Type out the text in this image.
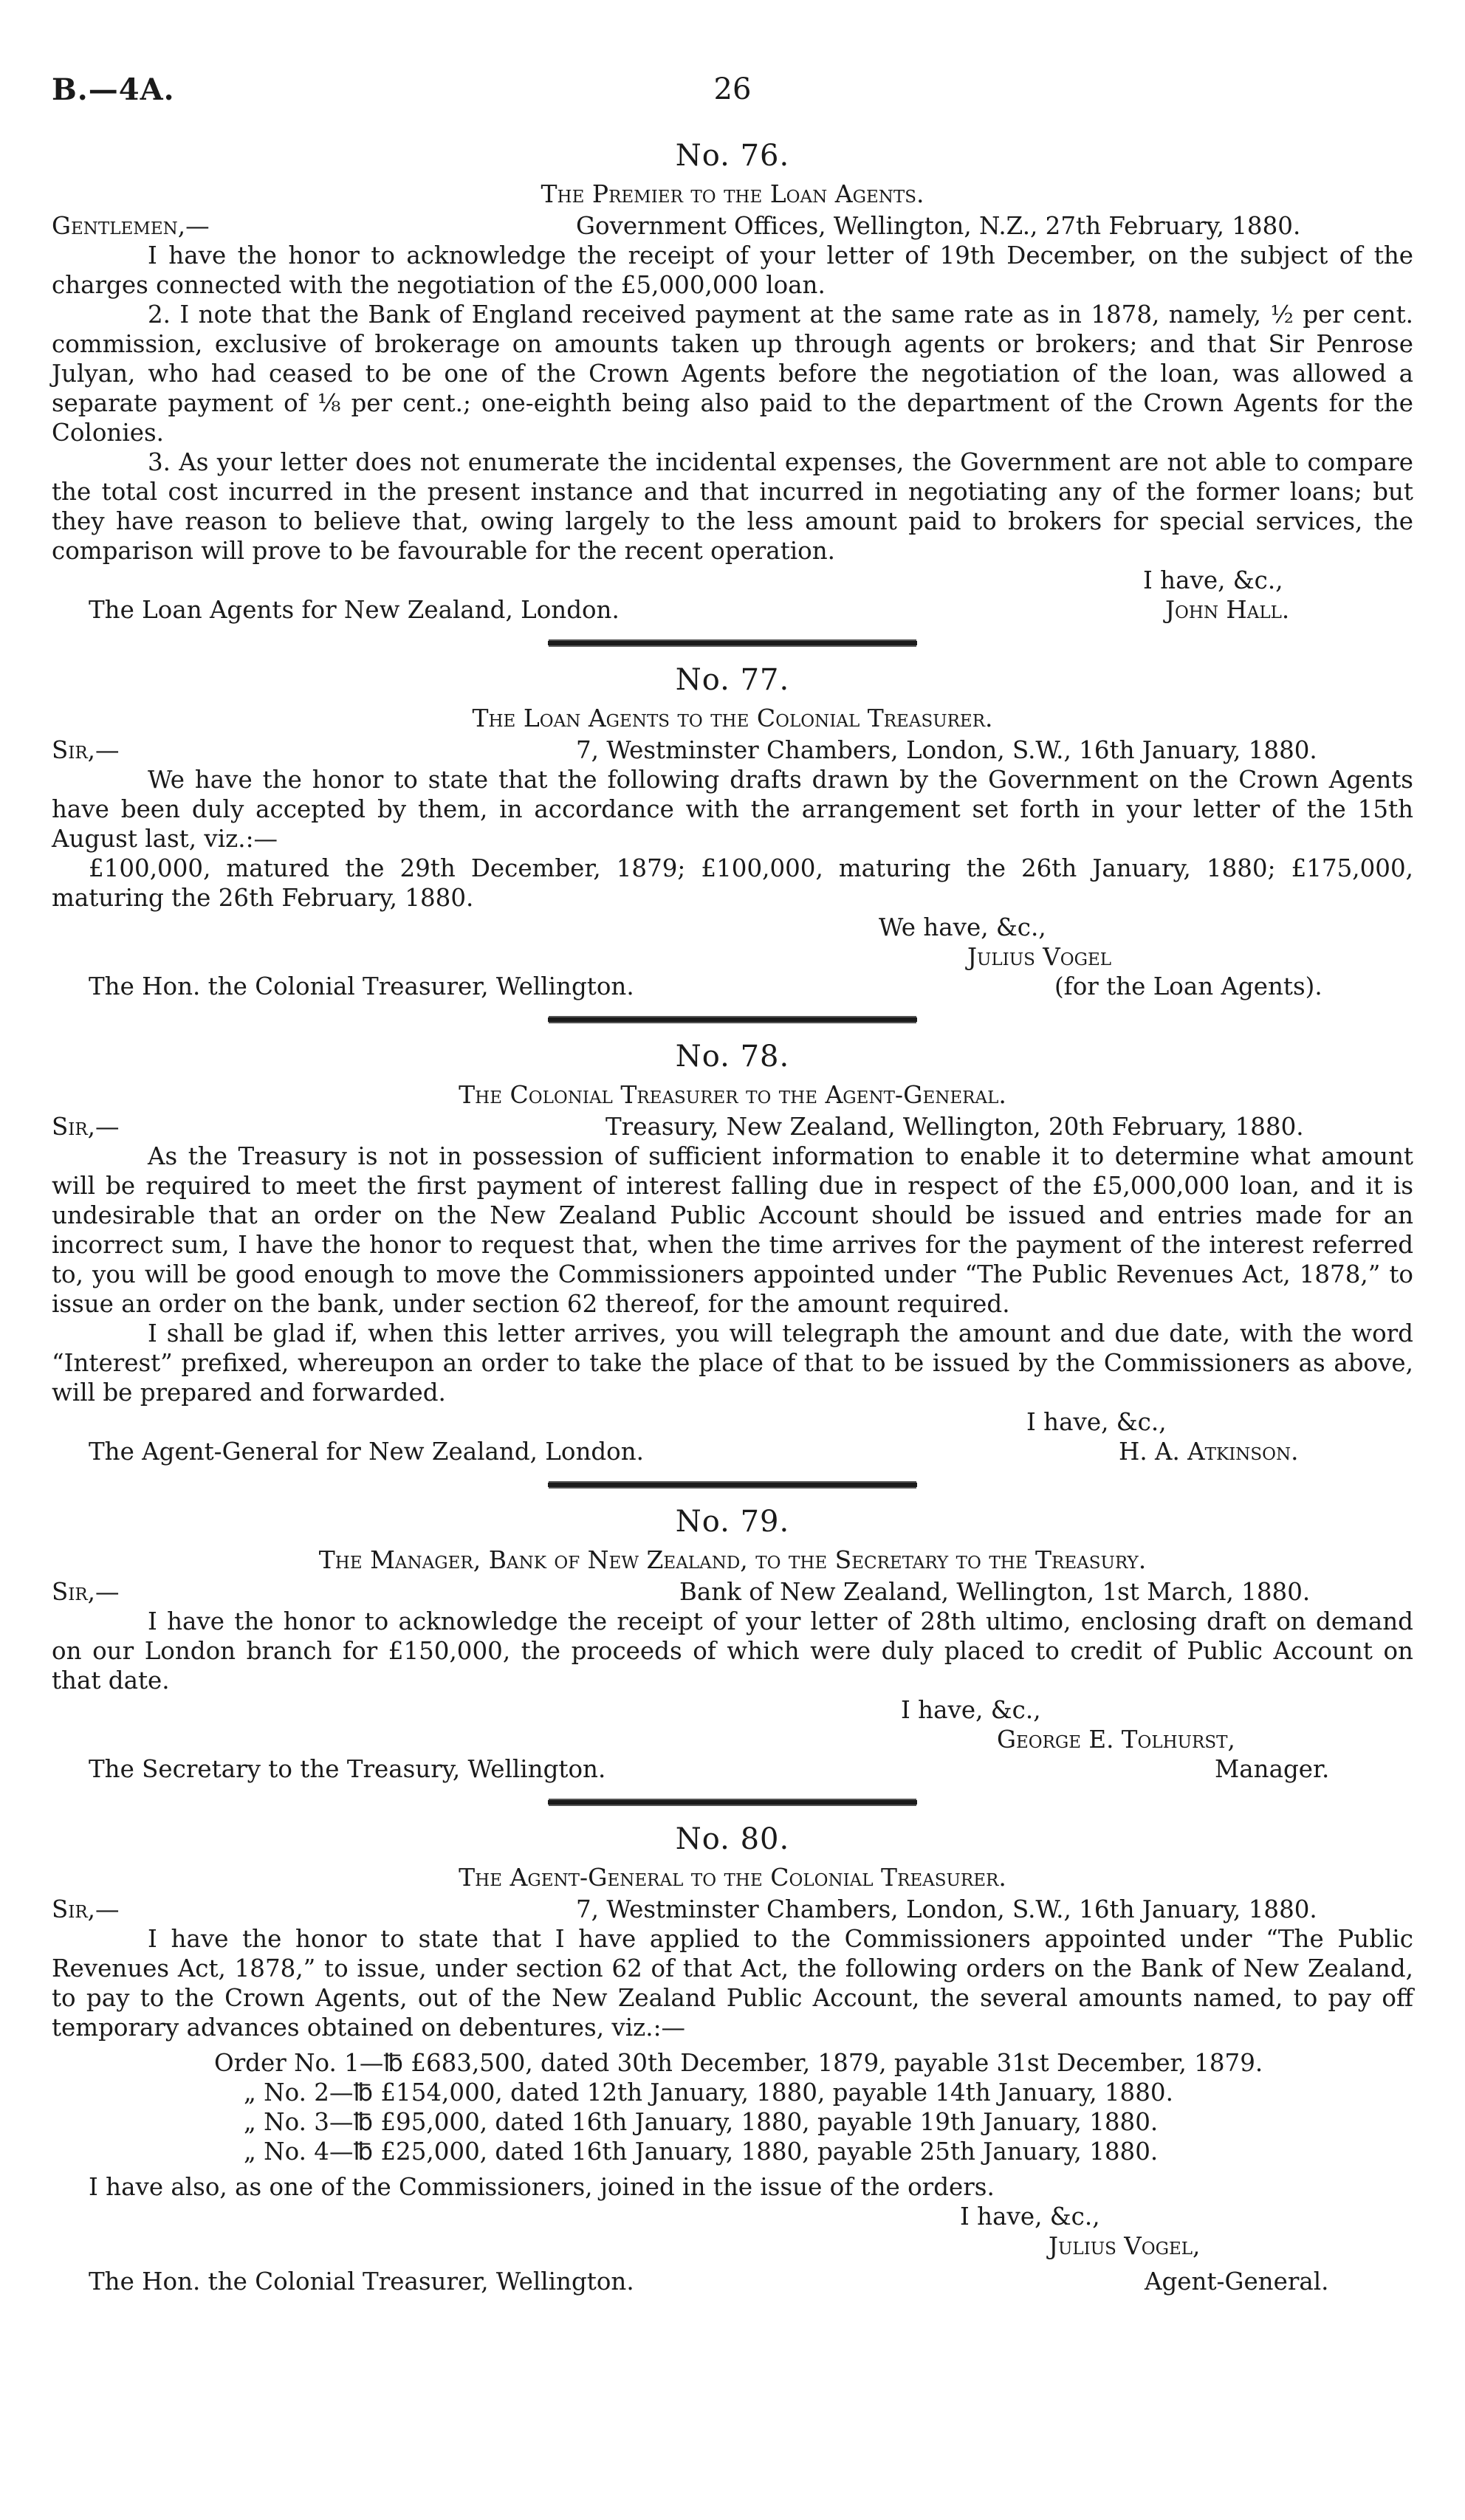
B.—4A.	26
No. 76.
The Premier to the Loan Agents.
Gentlemen,—	Government Offices, Wellington, N.Z., 27th February, 1880.

I have the honor to acknowledge the receipt of your letter of 19th December, on the subject of the charges connected with the negotiation of the £5,000,000 loan.

2. I note that the Bank of England received payment at the same rate as in 1878, namely, ½ per cent. commission, exclusive of brokerage on amounts taken up through agents or brokers; and that Sir Penrose Julyan, who had ceased to be one of the Crown Agents before the negotiation of the loan, was allowed a separate payment of ⅛ per cent.; one-eighth being also paid to the department of the Crown Agents for the Colonies.

3. As your letter does not enumerate the incidental expenses, the Government are not able to compare the total cost incurred in the present instance and that incurred in negotiating any of the former loans; but they have reason to believe that, owing largely to the less amount paid to brokers for special services, the comparison will prove to be favourable for the recent operation.

I have, &c.,
The Loan Agents for New Zealand, London.	John Hall.
No. 77.
The Loan Agents to the Colonial Treasurer.
Sir,—	7, Westminster Chambers, London, S.W., 16th January, 1880.

We have the honor to state that the following drafts drawn by the Government on the Crown Agents have been duly accepted by them, in accordance with the arrangement set forth in your letter of the 15th August last, viz.:—

£100,000, matured the 29th December, 1879; £100,000, maturing the 26th January, 1880; £175,000, maturing the 26th February, 1880.

We have, &c.,
Julius Vogel
The Hon. the Colonial Treasurer, Wellington.	(for the Loan Agents).
No. 78.
The Colonial Treasurer to the Agent-General.
Sir,—	Treasury, New Zealand, Wellington, 20th February, 1880.

As the Treasury is not in possession of sufficient information to enable it to determine what amount will be required to meet the first payment of interest falling due in respect of the £5,000,000 loan, and it is undesirable that an order on the New Zealand Public Account should be issued and entries made for an incorrect sum, I have the honor to request that, when the time arrives for the payment of the interest referred to, you will be good enough to move the Commissioners appointed under “The Public Revenues Act, 1878,” to issue an order on the bank, under section 62 thereof, for the amount required.

I shall be glad if, when this letter arrives, you will telegraph the amount and due date, with the word “Interest” prefixed, whereupon an order to take the place of that to be issued by the Commissioners as above, will be prepared and forwarded.

I have, &c.,
The Agent-General for New Zealand, London.	H. A. Atkinson.
No. 79.
The Manager, Bank of New Zealand, to the Secretary to the Treasury.
Sir,—	Bank of New Zealand, Wellington, 1st March, 1880.

I have the honor to acknowledge the receipt of your letter of 28th ultimo, enclosing draft on demand on our London branch for £150,000, the proceeds of which were duly placed to credit of Public Account on that date.

I have, &c.,
George E. Tolhurst,
The Secretary to the Treasury, Wellington.	Manager.
No. 80.
The Agent-General to the Colonial Treasurer.
Sir,—	7, Westminster Chambers, London, S.W., 16th January, 1880.

I have the honor to state that I have applied to the Commissioners appointed under “The Public Revenues Act, 1878,” to issue, under section 62 of that Act, the following orders on the Bank of New Zealand, to pay to the Crown Agents, out of the New Zealand Public Account, the several amounts named, to pay off temporary advances obtained on debentures, viz.:—

Order No. 1—℔ £683,500, dated 30th December, 1879, payable 31st December, 1879.
„ No. 2—℔ £154,000, dated 12th January, 1880, payable 14th January, 1880.
„ No. 3—℔ £95,000, dated 16th January, 1880, payable 19th January, 1880.
„ No. 4—℔ £25,000, dated 16th January, 1880, payable 25th January, 1880.

I have also, as one of the Commissioners, joined in the issue of the orders.

I have, &c.,
Julius Vogel,
The Hon. the Colonial Treasurer, Wellington.	Agent-General.
